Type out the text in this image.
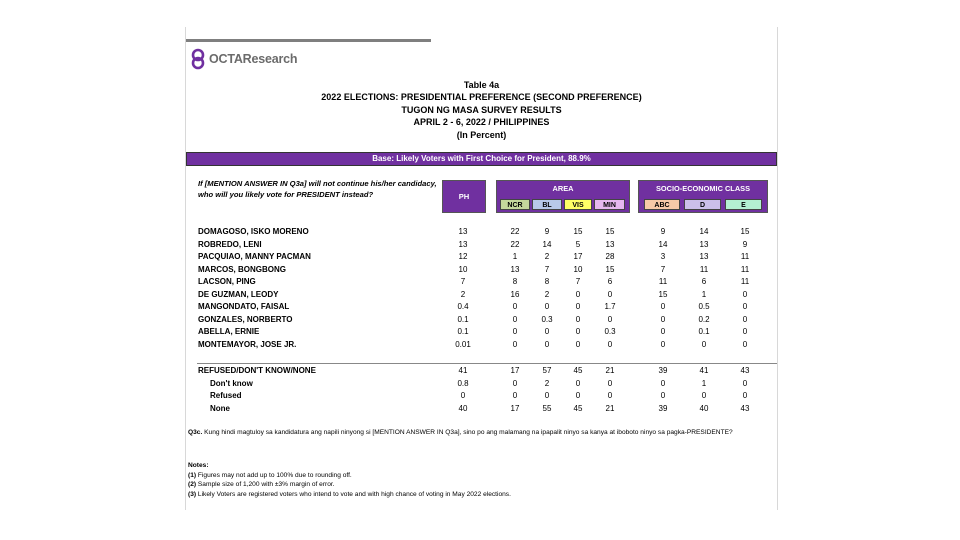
OCTAResearch
Table 4a
2022 ELECTIONS: PRESIDENTIAL PREFERENCE (SECOND PREFERENCE)
TUGON NG MASA SURVEY RESULTS
APRIL 2 - 6, 2022 / PHILIPPINES
(In Percent)
Base: Likely Voters with First Choice for President, 88.9%
If [MENTION ANSWER IN Q3a] will not continue his/her candidacy, who will you likely vote for PRESIDENT instead?	PH
AREA
NCR	BL	VIS	MIN
SOCIO-ECONOMIC CLASS
ABC	D	E
DOMAGOSO, ISKO MORENO	13	22	9	15	15	9	14	15
ROBREDO, LENI	13	22	14	5	13	14	13	9
PACQUIAO, MANNY PACMAN	12	1	2	17	28	3	13	11
MARCOS, BONGBONG	10	13	7	10	15	7	11	11
LACSON, PING	7	8	8	7	6	11	6	11
DE GUZMAN, LEODY	2	16	2	0	0	15	1	0
MANGONDATO, FAISAL	0.4	0	0	0	1.7	0	0.5	0
GONZALES, NORBERTO	0.1	0	0.3	0	0	0	0.2	0
ABELLA, ERNIE	0.1	0	0	0	0.3	0	0.1	0
MONTEMAYOR, JOSE JR.	0.01	0	0	0	0	0	0	0
REFUSED/DON'T KNOW/NONE	41	17	57	45	21	39	41	43
Don't know	0.8	0	2	0	0	0	1	0
Refused	0	0	0	0	0	0	0	0
None	40	17	55	45	21	39	40	43
Q3c. Kung hindi magtuloy sa kandidatura ang napili ninyong si [MENTION ANSWER IN Q3a], sino po ang malamang na ipapalit ninyo sa kanya at iboboto ninyo sa pagka-PRESIDENTE?
Notes:
(1) Figures may not add up to 100% due to rounding off.
(2) Sample size of 1,200 with ±3% margin of error.
(3) Likely Voters are registered voters who intend to vote and with high chance of voting in May 2022 elections.
